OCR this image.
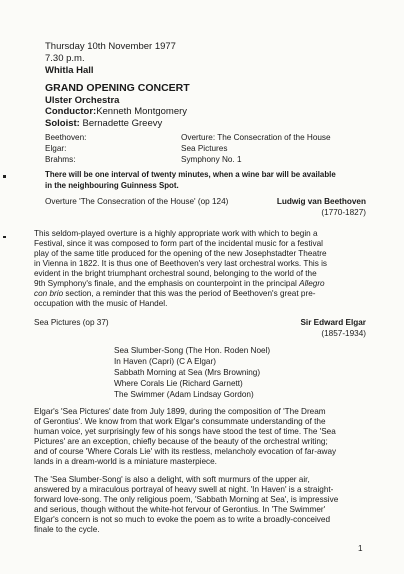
Thursday 10th November 1977
7.30 p.m.
Whitla Hall
GRAND OPENING CONCERT
Ulster Orchestra
Conductor:Kenneth Montgomery
Soloist: Bernadette Greevy
Beethoven:	Overture: The Consecration of the House
Elgar:	Sea Pictures
Brahms:	Symphony No. 1
There will be one interval of twenty minutes, when a wine bar will be available
in the neighbouring Guinness Spot.
Overture 'The Consecration of the House' (op 124)	Ludwig van Beethoven
(1770-1827)
This seldom-played overture is a highly appropriate work with which to begin a
Festival, since it was composed to form part of the incidental music for a festival
play of the same title produced for the opening of the new Josephstadter Theatre
in Vienna in 1822. It is thus one of Beethoven's very last orchestral works. This is
evident in the bright triumphant orchestral sound, belonging to the world of the
9th Symphony's finale, and the emphasis on counterpoint in the principal Allegro
con brio section, a reminder that this was the period of Beethoven's great pre-
occupation with the music of Handel.
Sea Pictures (op 37)	Sir Edward Elgar
(1857-1934)
Sea Slumber-Song (The Hon. Roden Noel)
In Haven (Capri) (C A Elgar)
Sabbath Morning at Sea (Mrs Browning)
Where Corals Lie (Richard Garnett)
The Swimmer (Adam Lindsay Gordon)
Elgar's 'Sea Pictures' date from July 1899, during the composition of 'The Dream
of Gerontius'. We know from that work Elgar's consummate understanding of the
human voice, yet surprisingly few of his songs have stood the test of time. The 'Sea
Pictures' are an exception, chiefly because of the beauty of the orchestral writing;
and of course 'Where Corals Lie' with its restless, melancholy evocation of far-away
lands in a dream-world is a miniature masterpiece.
The 'Sea Slumber-Song' is also a delight, with soft murmurs of the upper air,
answered by a miraculous portrayal of heavy swell at night. 'In Haven' is a straight-
forward love-song. The only religious poem, 'Sabbath Morning at Sea', is impressive
and serious, though without the white-hot fervour of Gerontius. In 'The Swimmer'
Elgar's concern is not so much to evoke the poem as to write a broadly-conceived
finale to the cycle.
1
